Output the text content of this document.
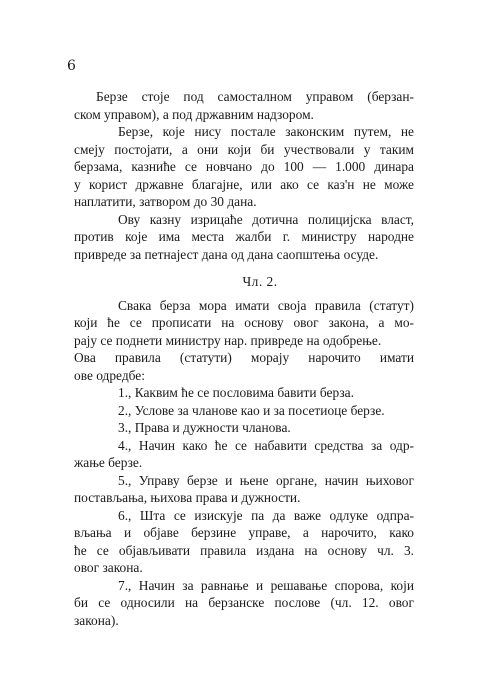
6
Берзе стоје под самосталном управом (берзан-
ском управом), а под државним надзором.
Берзе, које нису постале законским путем, не
смеју постојати, а они који би учествовали у таким
берзама, казниће се новчано до 100 — 1.000 динара
у корист државне благајне, или ако се каз'н не може
наплатити, затвором до 30 дана.
Ову казну изрицаће дотична полицијска власт,
против које има места жалби г. министру народне
привреде за петнајест дана од дана саопштења осуде.
Чл. 2.
Свака берза мора имати своја правила (статут)
који ће се прописати на основу овог закона, а мо-
рају се поднети министру нар. привреде на одобрење.
Ова правила (статути) морају нарочито имати
ове одредбе:
1., Каквим ће се пословима бавити берза.
2., Услове за чланове као и за посетиоце берзе.
3., Права и дужности чланова.
4., Начин како ће се набавити средства за одр-
жање берзе.
5., Управу берзе и њене органе, начин њиховог
постављања, њихова права и дужности.
6., Шта се изискује па да важе одлуке одпра-
вљања и објаве берзине управе, а нарочито, како
ће се објављивати правила издана на основу чл. 3.
овог закона.
7., Начин за равнање и решавање спорова, који
би се односили на берзанске послове (чл. 12. овог
закона).
